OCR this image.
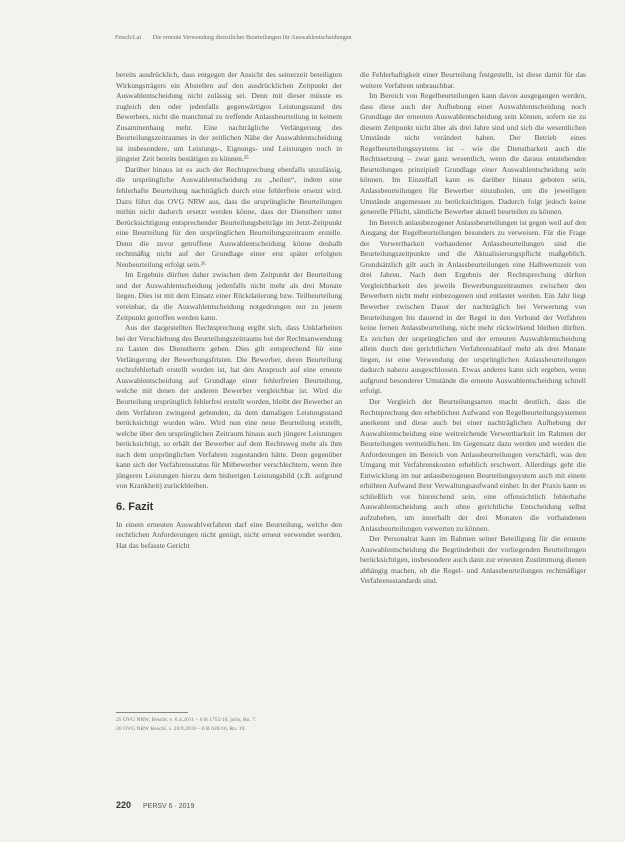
Fetsch/Lai Die erneute Verwendung dienstlicher Beurteilungen für Auswahlentscheidungen

bereits ausdrücklich, dass entgegen der Ansicht des seinerzeit beteiligten Wirkungsträgers ein Abstellen auf den ausdrücklichen Zeitpunkt der Auswahlentscheidung nicht zulässig sei. Denn mit dieser müsste es zugleich den oder jedenfalls gegenwärtigen Leistungsstand des Bewerbers, nicht die manchmal zu treffende Anlassbeurteilung in keinem Zusammenhang mehr. Eine nachträgliche Verlängerung des Beurteilungszeitraumes in der zeitlichen Nähe der Auswahlentscheidung ist insbesondere, um Leistungs-, Eignungs- und Leistungen noch in jüngster Zeit bereits bestätigen zu können.²⁵

Darüber hinaus ist es auch der Rechtsprechung ebenfalls unzulässig, die ursprüngliche Auswahlentscheidung zu „heilen“, indem eine fehlerhafte Beurteilung nachträglich durch eine fehlerfreie ersetzt wird. Dazu führt das OVG NRW aus, dass die ursprüngliche Beurteilungen mithin nicht dadurch ersetzt werden könne, dass der Dienstherr unter Berücksichtigung entsprechender Beurteilungsbeiträge im Jetzt-Zeitpunkt eine Beurteilung für den ursprünglichen Beurteilungszeitraum erstelle. Denn die zuvor getroffene Auswahlentscheidung könne deshalb rechtmäßig nicht auf der Grundlage einer erst später erfolgten Neubeurteilung erfolgt sein.²⁶

Im Ergebnis dürften daher zwischen dem Zeitpunkt der Beurteilung und der Auswahlentscheidung jedenfalls nicht mehr als drei Monate liegen. Dies ist mit dem Einsatz einer Rückdatierung bzw. Teilbeurteilung vereinbar, da die Auswahlentscheidung notgedrungen nur zu jenem Zeitpunkt getroffen werden kann.

Aus der dargestellten Rechtsprechung ergibt sich, dass Unklarheiten bei der Verschiebung des Beurteilungszeitraums bei der Rechtsanwendung zu Lasten des Dienstherrn gehen. Dies gilt entsprechend für eine Verlängerung der Bewerbungsfristen. Die Bewerber, deren Beurteilung rechtsfehlerhaft erstellt worden ist, hat den Anspruch auf eine erneute Auswahlentscheidung auf Grundlage einer fehlerfreien Beurteilung, welche mit denen der anderen Bewerber vergleichbar ist. Wird die Beurteilung ursprünglich fehlerfrei erstellt worden, bleibt der Bewerber an dem Verfahren zwingend gebunden, da dem damaligen Leistungsstand berücksichtigt wurden wäre. Wird nun eine neue Beurteilung erstellt, welche über den ursprünglichen Zeitraum hinaus auch jüngere Leistungen berücksichtigt, so erhält der Bewerber auf dem Rechtsweg mehr als ihm nach dem ursprünglichen Verfahren zugestanden hätte. Denn gegenüber kann sich der Verfahrensstatus für Mitbewerber verschlechtern, wenn ihre jüngeren Leistungen hierzu dem bisherigen Leistungsbild (z.B. aufgrund von Krankheit) zurückbleiben.

6. Fazit

In einem erneuten Auswahlverfahren darf eine Beurteilung, welche den rechtlichen Anforderungen nicht genügt, nicht erneut verwendet werden. Hat das befasste Gericht

die Fehlerhaftigkeit einer Beurteilung festgestellt, ist diese damit für das weitere Verfahren unbrauchbar.

Im Bereich von Regelbeurteilungen kann davon ausgegangen werden, dass diese auch der Aufhebung einer Auswahlentscheidung noch Grundlage der erneuten Auswahlentscheidung sein können, sofern sie zu diesem Zeitpunkt nicht älter als drei Jahre sind und sich die wesentlichen Umstände nicht verändert haben. Der Betrieb eines Regelbeurteilungssystems ist – wie die Dienstbarkeit auch die Rechtssetzung – zwar ganz wesentlich, wenn die daraus entstehenden Beurteilungen prinzipiell Grundlage einer Auswahlentscheidung sein können. Im Einzelfall kann es darüber hinaus geboten sein, Anlassbeurteilungen für Bewerber einzuholen, um die jeweiligen Umstände angemessen zu berücksichtigen. Dadurch folgt jedoch keine generelle Pflicht, sämtliche Bewerber aktuell beurteilen zu können.

Im Bereich anlassbezogener Anlassbeurteilungen ist gegen weil auf den Ausgang der Regelbeurteilungen besonders zu verweisen. Für die Frage der Verwertbarkeit vorhandener Anlassbeurteilungen sind die Beurteilungszeitpunkte und die Aktualisierungspflicht maßgeblich. Grundsätzlich gilt auch in Anlassbeurteilungen eine Halbwertszeit von drei Jahren. Nach dem Ergebnis der Rechtsprechung dürften Vergleichbarkeit des jeweils Bewerbungszeitraumes zwischen den Bewerbern nicht mehr einbezogenen und entlastet werden. Ein Jahr liegt Bewerber zwischen Dauer der nachträglich bei Verwertung von Beurteilungen bis dauernd in der Regel in den Verbund der Verfahren keine fernen Anlassbeurteilung, nicht mehr rückwirkend bleiben dürften. Es zeichen der ursprünglichen und der erneuten Auswahlentscheidung allein durch den gerichtlichen Verfahrensablauf mehr als drei Monate liegen, ist eine Verwendung der ursprünglichen Anlassbeurteilungen dadurch nahezu ausgeschlossen. Etwas anderes kann sich ergeben, wenn aufgrund besonderer Umstände die erneute Auswahlentscheidung schnell erfolgt.

Der Vergleich der Beurteilungsarten macht deutlich, dass die Rechtsprechung den erheblichen Aufwand von Regelbeurteilungsystemen anerkennt und diese auch bei einer nachträglichen Aufhebung der Auswahlentscheidung eine weitreichende Verwertbarkeit im Rahmen der Beurteilungen vermeidlichen. Im Gegensatz dazu werden und werden die Anforderungen im Bereich von Anlassbeurteilungen verschärft, was den Umgang mit Verfahrenskosten erheblich erschwert. Allerdings geht die Entwicklung im nur anlassbezogenen Beurteilungssystem auch mit einem erhöhten Aufwand ihrer Verwaltungsaufwand einher. In der Praxis kann es schließlich vor hinreichend sein, eine offensichtlich fehlerhafte Auswahlentscheidung auch ohne gerichtliche Entscheidung selbst aufzuheben, um innerhalb der drei Monaten die vorhandenen Anlassbeurteilungen verwerten zu können.

Der Personalrat kann im Rahmen seiner Beteiligung für die erneute Auswahlentscheidung die Begründetheit der vorliegenden Beurteilungen berücksichtigen, insbesondere auch dann zur erneuten Zustimmung dienen abhängig machen, ob die Regel- und Anlassbeurteilungen rechtmäßiger Verfahrensstandards sind.

25 OVG NRW, Beschl. v. 6.4.2011 – 6 B 1755/10, juris, Rn. 7.
26 OVG NRW Beschl. v. 20.9.2016 – 6 B 620/16, Rn. 19.
220 PERSV 6 · 2019
